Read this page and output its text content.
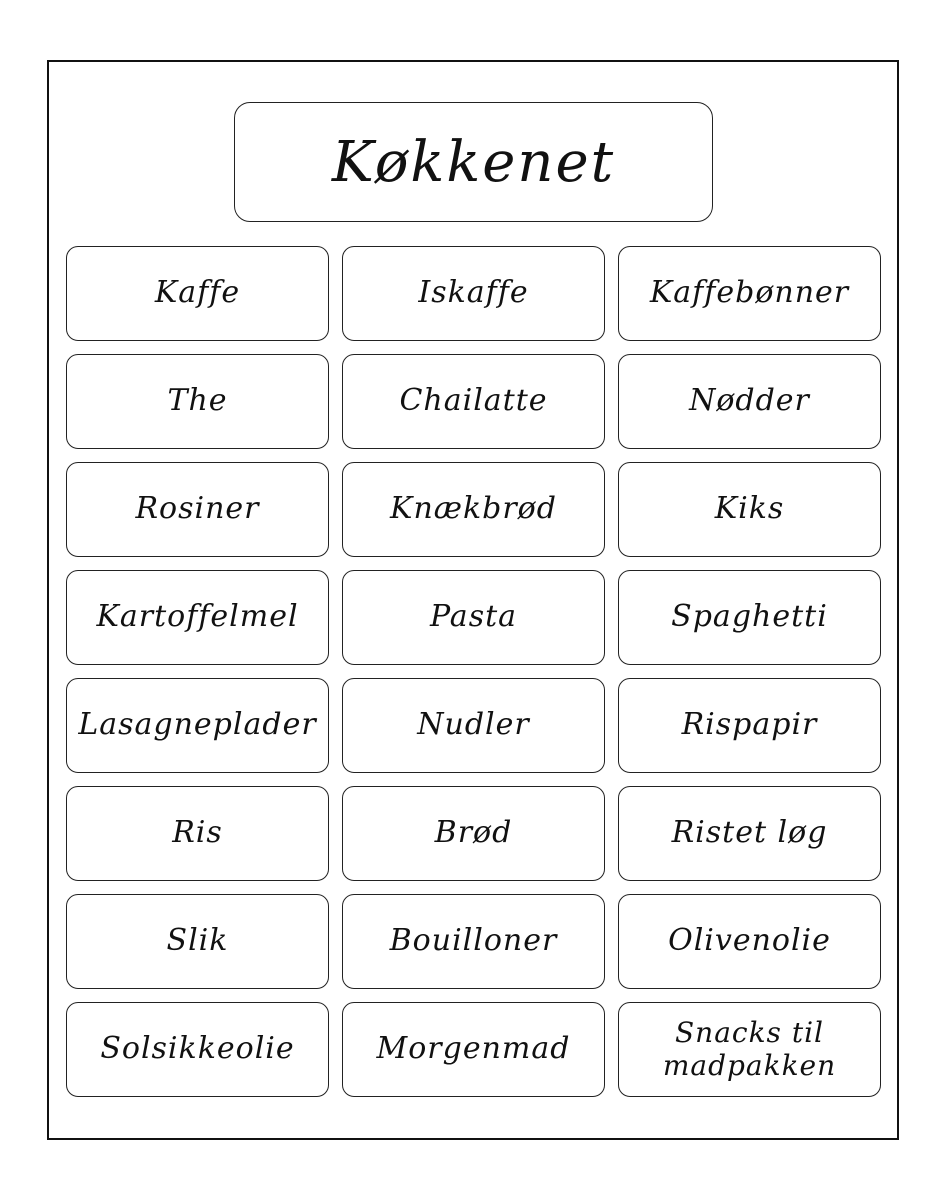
Køkkenet
Kaffe	Iskaffe	Kaffebønner
The	Chailatte	Nødder
Rosiner	Knækbrød	Kiks
Kartoffelmel	Pasta	Spaghetti
Lasagneplader	Nudler	Rispapir
Ris	Brød	Ristet løg
Slik	Bouilloner	Olivenolie
Solsikkeolie	Morgenmad	Snacks til madpakken
